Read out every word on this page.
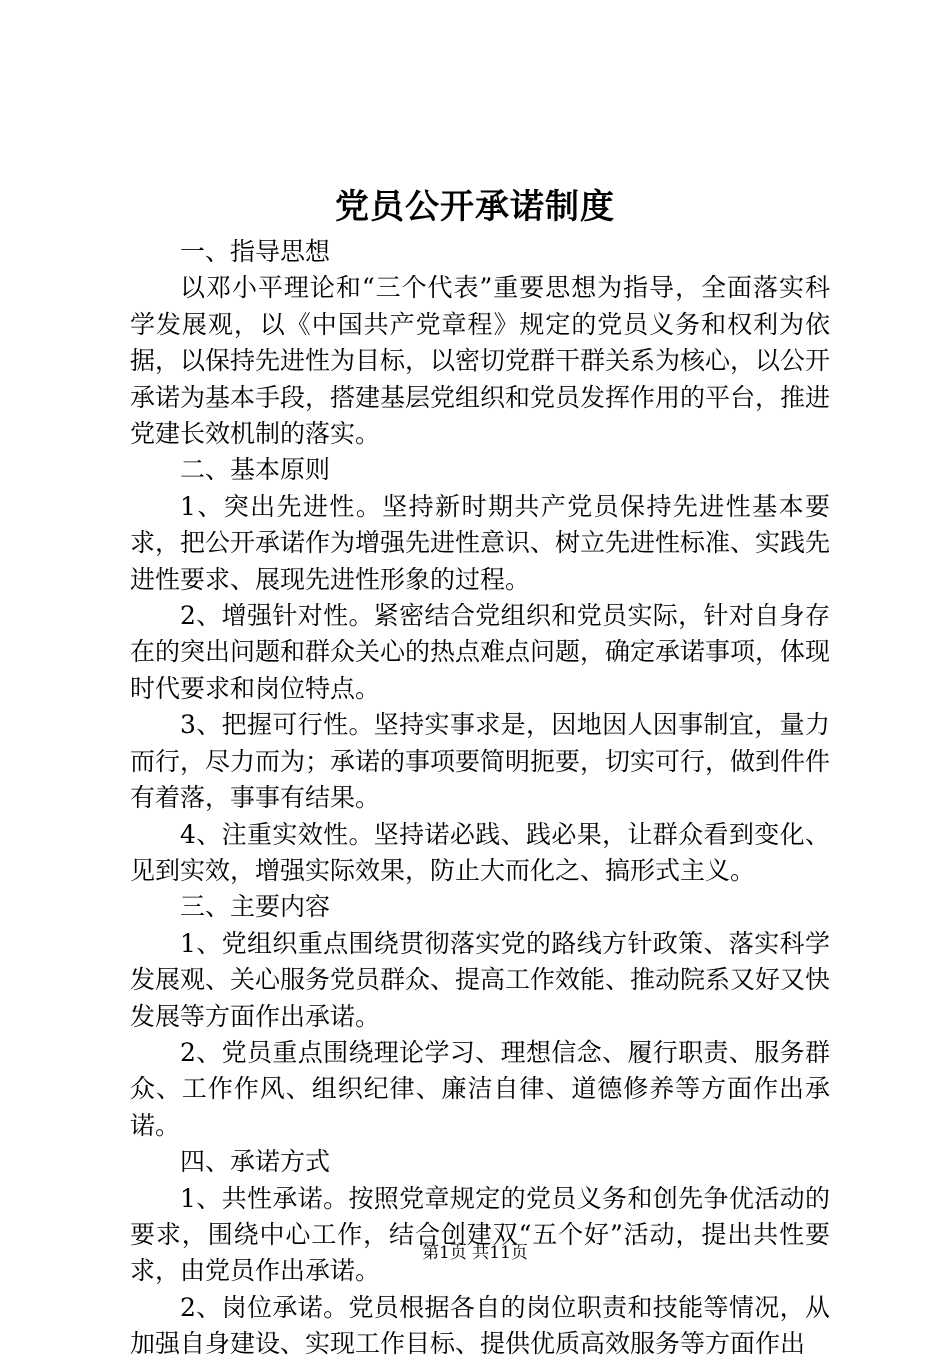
党员公开承诺制度

一、指导思想

以邓小平理论和“三个代表”重要思想为指导，全面落实科学发展观，以《中国共产党章程》规定的党员义务和权利为依据，以保持先进性为目标，以密切党群干群关系为核心，以公开承诺为基本手段，搭建基层党组织和党员发挥作用的平台，推进党建长效机制的落实。

二、基本原则

1、突出先进性。坚持新时期共产党员保持先进性基本要求，把公开承诺作为增强先进性意识、树立先进性标准、实践先进性要求、展现先进性形象的过程。

2、增强针对性。紧密结合党组织和党员实际，针对自身存在的突出问题和群众关心的热点难点问题，确定承诺事项，体现时代要求和岗位特点。

3、把握可行性。坚持实事求是，因地因人因事制宜，量力而行，尽力而为；承诺的事项要简明扼要，切实可行，做到件件有着落，事事有结果。

4、注重实效性。坚持诺必践、践必果，让群众看到变化、见到实效，增强实际效果，防止大而化之、搞形式主义。

三、主要内容

1、党组织重点围绕贯彻落实党的路线方针政策、落实科学发展观、关心服务党员群众、提高工作效能、推动院系又好又快发展等方面作出承诺。

2、党员重点围绕理论学习、理想信念、履行职责、服务群众、工作作风、组织纪律、廉洁自律、道德修养等方面作出承诺。

四、承诺方式

1、共性承诺。按照党章规定的党员义务和创先争优活动的要求，围绕中心工作，结合创建双“五个好”活动，提出共性要求，由党员作出承诺。

2、岗位承诺。党员根据各自的岗位职责和技能等情况，从加强自身建设、实现工作目标、提供优质高效服务等方面作出

第1页 共11页
